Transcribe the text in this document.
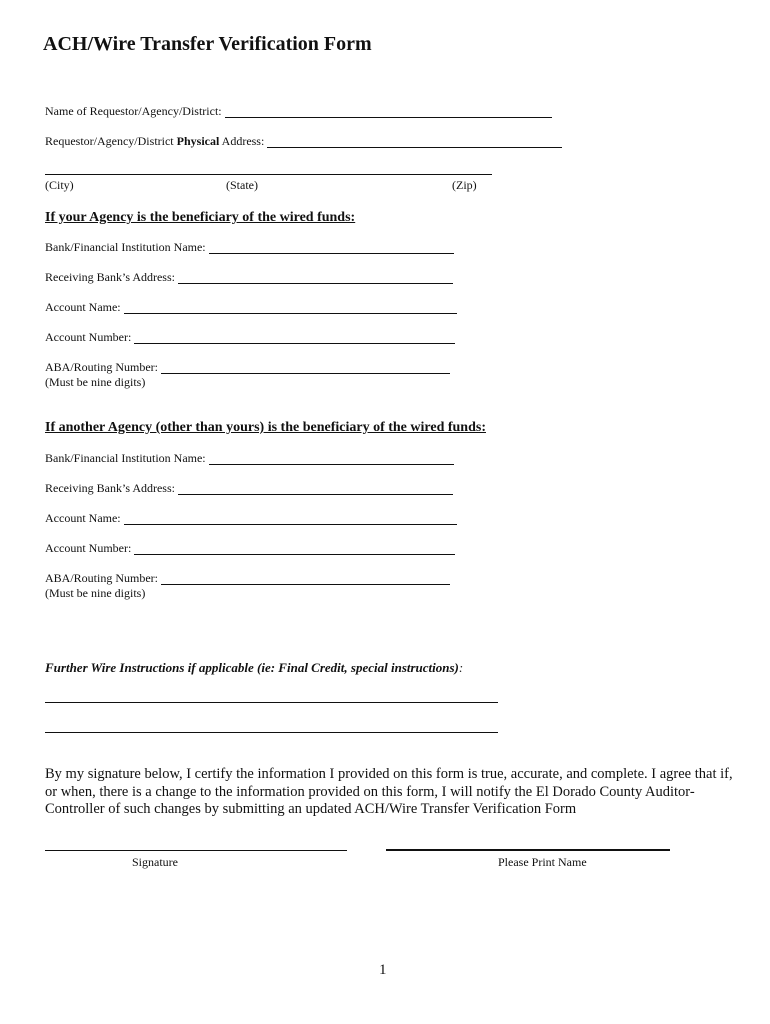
ACH/Wire Transfer Verification Form
Name of Requestor/Agency/District:
Requestor/Agency/District Physical Address:
(City)	(State)	(Zip)
If your Agency is the beneficiary of the wired funds:
Bank/Financial Institution Name:
Receiving Bank’s Address:
Account Name:
Account Number:
ABA/Routing Number:
(Must be nine digits)
If another Agency (other than yours) is the beneficiary of the wired funds:
Bank/Financial Institution Name:
Receiving Bank’s Address:
Account Name:
Account Number:
ABA/Routing Number:
(Must be nine digits)
Further Wire Instructions if applicable (ie: Final Credit, special instructions):
By my signature below, I certify the information I provided on this form is true, accurate, and complete. I agree that if, or when, there is a change to the information provided on this form, I will notify the El Dorado County Auditor-Controller of such changes by submitting an updated ACH/Wire Transfer Verification Form
Signature	Please Print Name
1
